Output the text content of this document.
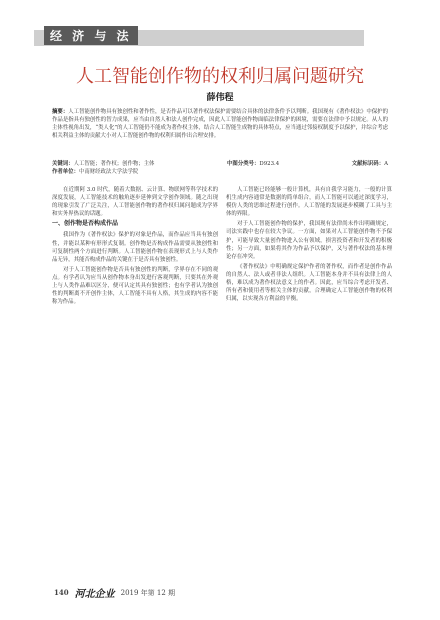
经 济 与 法
人工智能创作物的权利归属问题研究
薛伟程
摘要：人工智能创作物具有独创性和著作性，是否作品可以著作权法保护需要结合具体的法律条件予以判断。我国现有《著作权法》中保护的作品是指具有独创性的智力成果，应当由自然人和法人创作完成，因此人工智能创作物面临法律保护的困境，需要在法律中予以规定。从人的主体性视角出发，“类人化”的人工智能仍不能成为著作权主体，结合人工智能生成物的具体特点，应当通过邻接权制度予以保护，并综合考虑相关利益主体的贡献大小对人工智能创作物的权利归属作出合理安排。
关键词：人工智能；著作权；创作物；主体	中图分类号：D923.4	文献标识码：A
作者单位：中南财经政法大学法学院

在近期阿 3.0 时代，随着大数据、云计算、物联网等科学技术的深度发展，人工智能技术的触角逐步延伸到文学创作领域。随之出现的现象引发了广泛关注，人工智能创作物的著作权归属问题成为学界和实务界热议的话题。

一、创作物是否构成作品

我国作为《著作权法》保护的对象是作品，而作品应当具有独创性，并能以某种有形形式复制。创作物是否构成作品需要从独创性和可复制性两个方面进行判断。人工智能创作物在表现形式上与人类作品无异，其能否构成作品的关键在于是否具有独创性。

对于人工智能创作物是否具有独创性的判断，学界存在不同的观点。有学者认为应当从创作物本身出发进行客观判断，只要其在外观上与人类作品难以区分，便可认定其具有独创性；也有学者认为独创性的判断离不开创作主体，人工智能不具有人格，其生成的内容不能称为作品。

人工智能已经能够一般计算机，具有自我学习能力，一般的计算机生成内容通常是数据的简单组合，而人工智能可以通过深度学习，模仿人类的思维过程进行创作。人工智能的发展逐步模糊了工具与主体的界限。

对于人工智能创作物的保护，我国现有法律尚未作出明确规定，司法实践中也存在较大争议。一方面，如果对人工智能创作物不予保护，可能导致大量创作物进入公有领域，损害投资者和开发者的积极性；另一方面，如果将其作为作品予以保护，又与著作权法的基本理论存在冲突。

《著作权法》中明确规定保护作者的著作权，而作者是创作作品的自然人、法人或者非法人组织。人工智能本身并不具有法律上的人格，难以成为著作权法意义上的作者。因此，应当综合考虑开发者、所有者和使用者等相关主体的贡献，合理确定人工智能创作物的权利归属，以实现各方利益的平衡。

140 河北企业 2019 年第 12 期
